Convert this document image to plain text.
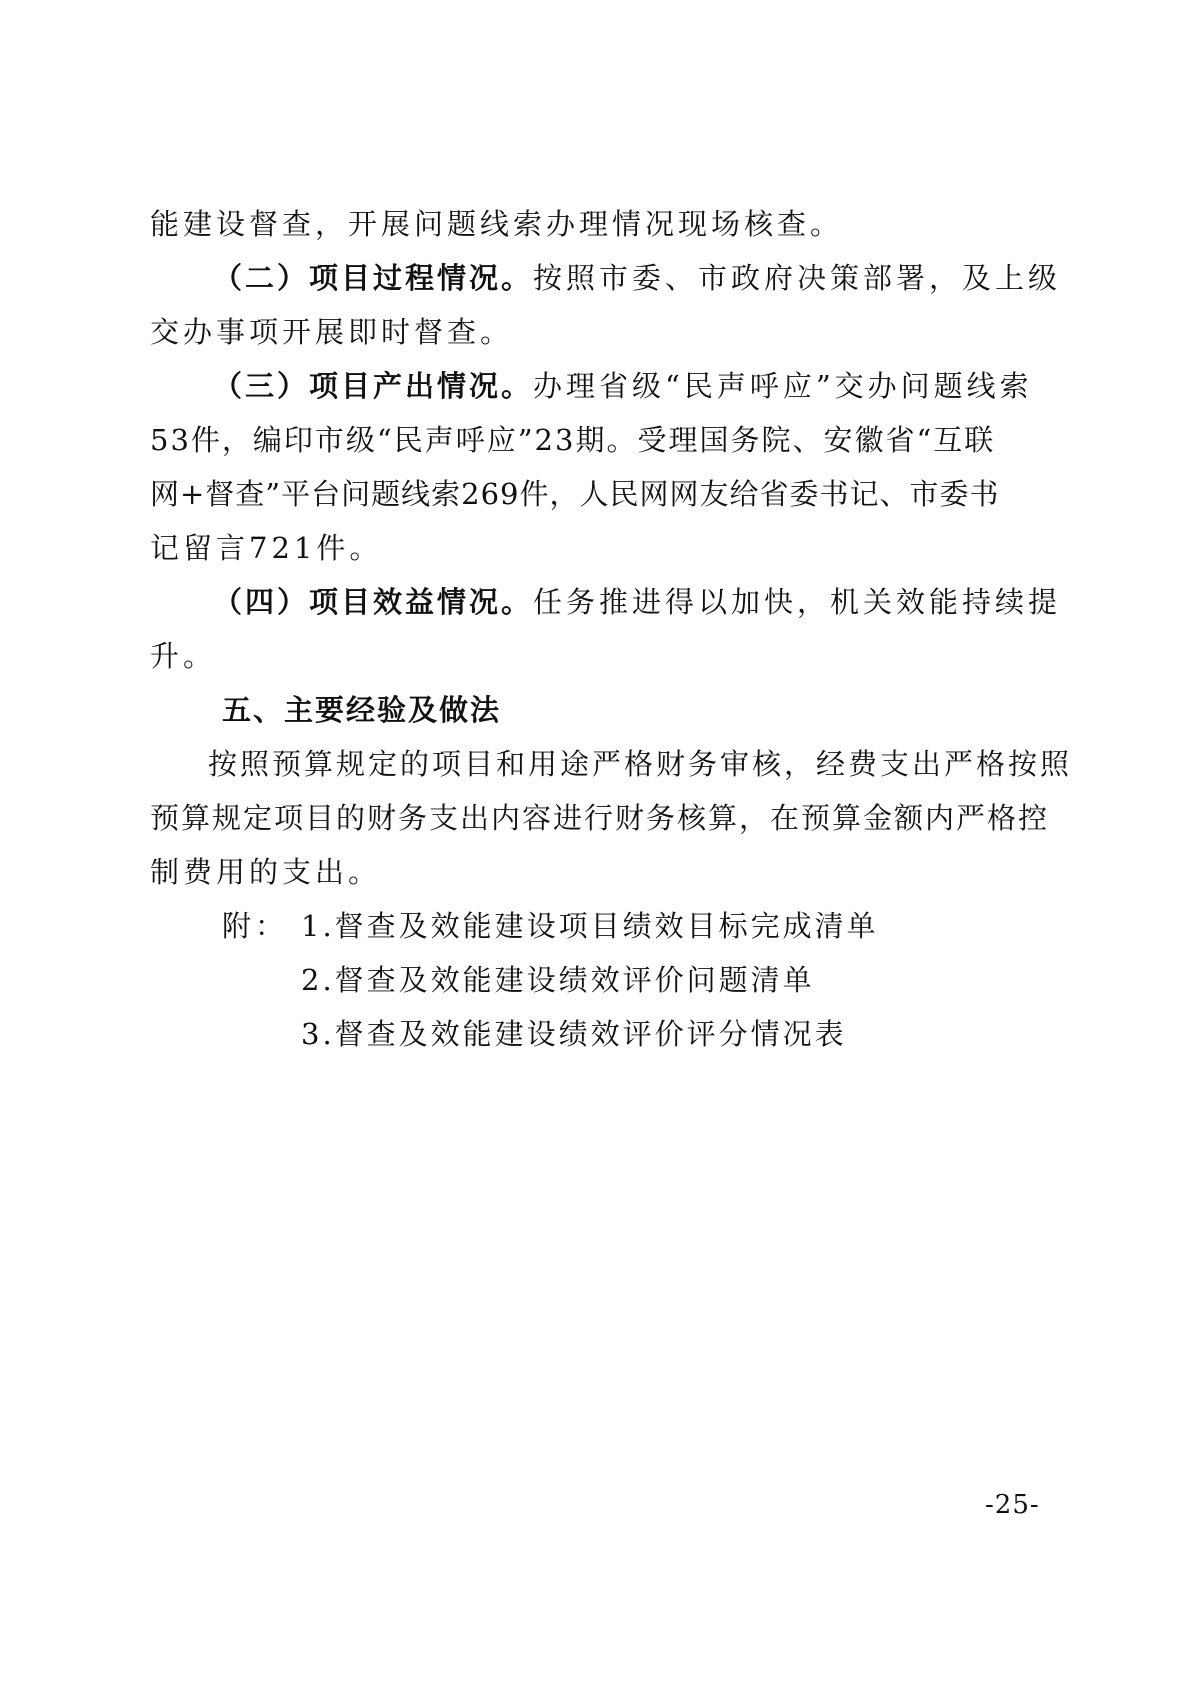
能建设督查，开展问题线索办理情况现场核查。
（二）项目过程情况。按照市委、市政府决策部署，及上级
交办事项开展即时督查。
（三）项目产出情况。办理省级“民声呼应”交办问题线索
53件，编印市级“民声呼应”23期。受理国务院、安徽省“互联
网+督查”平台问题线索269件，人民网网友给省委书记、市委书
记留言721件。
（四）项目效益情况。任务推进得以加快，机关效能持续提
升。
五、主要经验及做法
按照预算规定的项目和用途严格财务审核，经费支出严格按照
预算规定项目的财务支出内容进行财务核算，在预算金额内严格控
制费用的支出。
附： 1.督查及效能建设项目绩效目标完成清单
2.督查及效能建设绩效评价问题清单
3.督查及效能建设绩效评价评分情况表
-25-
